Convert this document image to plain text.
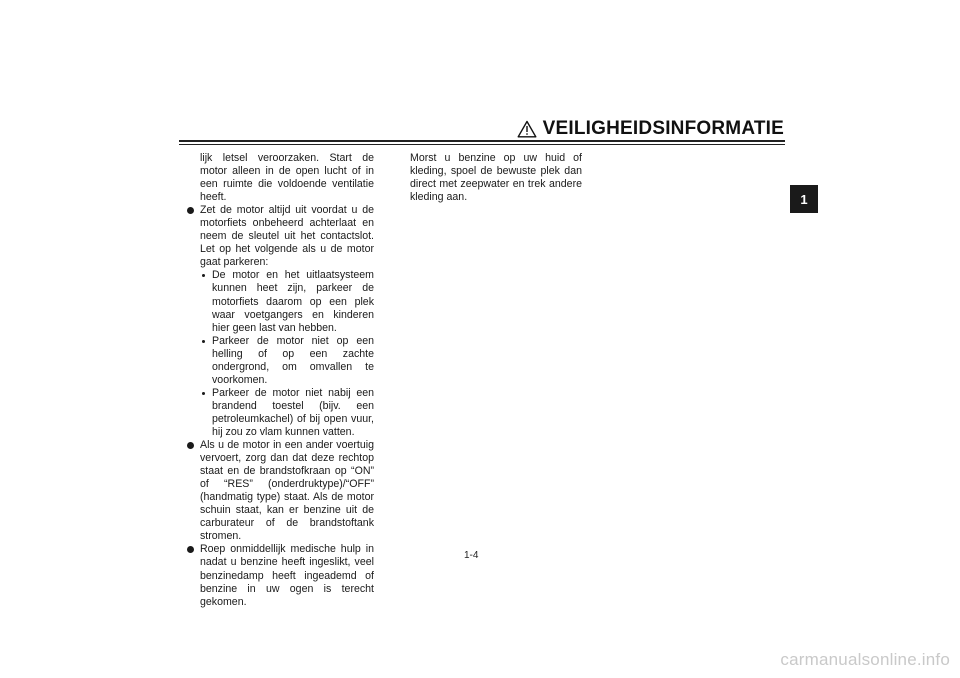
VEILIGHEIDSINFORMATIE
1

lijk letsel veroorzaken. Start de motor alleen in de open lucht of in een ruimte die voldoende ventilatie heeft.

Zet de motor altijd uit voordat u de motorfiets onbeheerd achterlaat en neem de sleutel uit het contactslot. Let op het volgende als u de motor gaat parkeren:
De motor en het uitlaatsysteem kunnen heet zijn, parkeer de motorfiets daarom op een plek waar voetgangers en kinderen hier geen last van hebben.
Parkeer de motor niet op een helling of op een zachte ondergrond, om omvallen te voorkomen.
Parkeer de motor niet nabij een brandend toestel (bijv. een petroleumkachel) of bij open vuur, hij zou zo vlam kunnen vatten.
Als u de motor in een ander voertuig vervoert, zorg dan dat deze rechtop staat en de brandstofkraan op “ON” of “RES” (onderdruktype)/“OFF” (handmatig type) staat. Als de motor schuin staat, kan er benzine uit de carburateur of de brandstoftank stromen.
Roep onmiddellijk medische hulp in nadat u benzine heeft ingeslikt, veel benzinedamp heeft ingeademd of benzine in uw ogen is terecht gekomen.

Morst u benzine op uw huid of kleding, spoel de bewuste plek dan direct met zeepwater en trek andere kleding aan.

1-4
carmanualsonline.info
